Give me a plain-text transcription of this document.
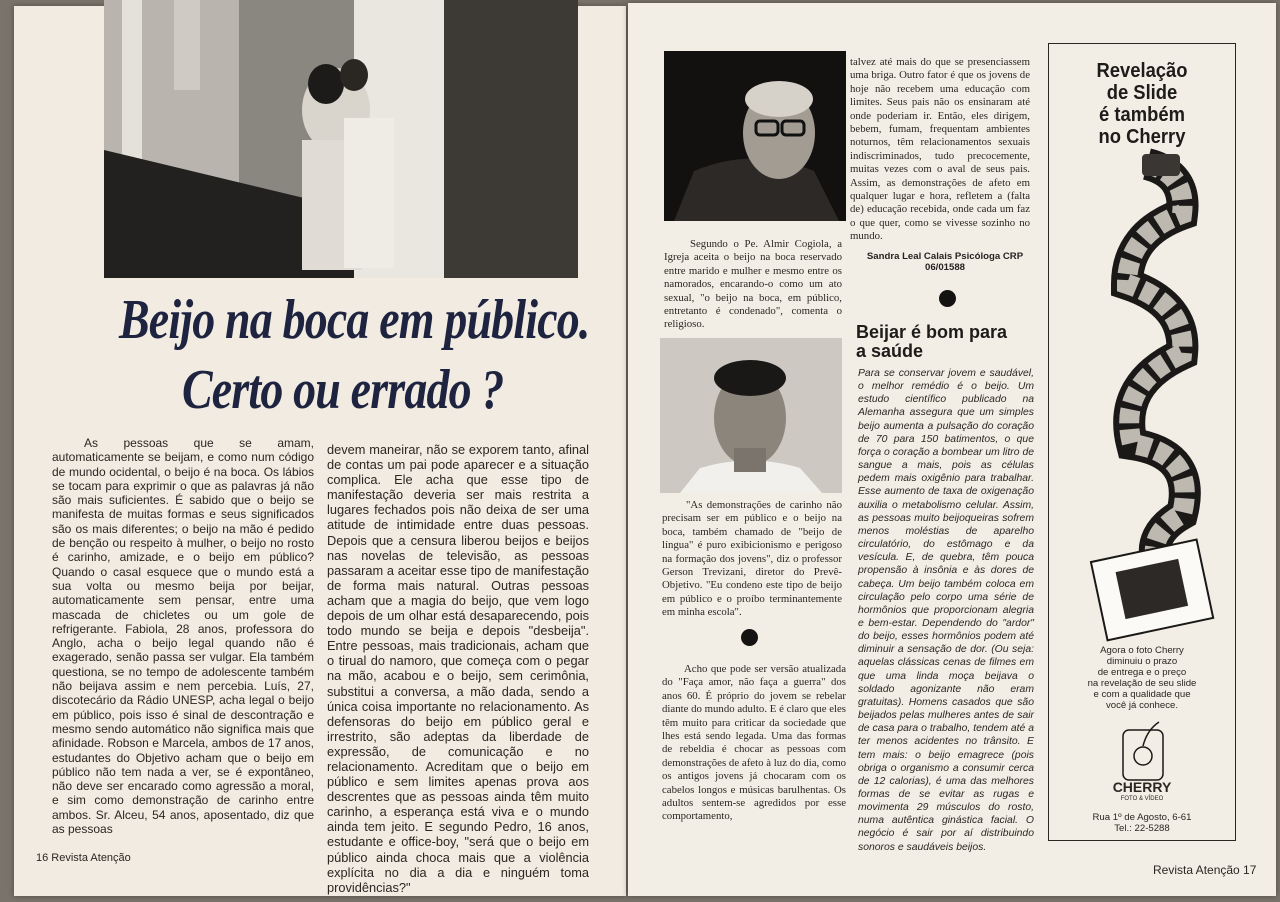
Beijo na boca em público.
Certo ou errado ?

As pessoas que se amam, automaticamente se beijam, e como num código de mundo ocidental, o beijo é na boca. Os lábios se tocam para exprimir o que as palavras já não são mais suficientes. É sabido que o beijo se manifesta de muitas formas e seus significados são os mais diferentes; o beijo na mão é pedido de benção ou respeito à mulher, o beijo no rosto é carinho, amizade, e o beijo em público? Quando o casal esquece que o mundo está a sua volta ou mesmo beija por beijar, automaticamente sem pensar, entre uma mascada de chicletes ou um gole de refrigerante. Fabiola, 28 anos, professora do Anglo, acha o beijo legal quando não é exagerado, senão passa ser vulgar. Ela também questiona, se no tempo de adolescente também não beijava assim e nem percebia. Luís, 27, discotecário da Rádio UNESP, acha legal o beijo em público, pois isso é sinal de descontração e mesmo sendo automático não significa mais que afinidade. Robson e Marcela, ambos de 17 anos, estudantes do Objetivo acham que o beijo em público não tem nada a ver, se é expontâneo, não deve ser encarado como agressão a moral, e sim como demonstração de carinho entre ambos. Sr. Alceu, 54 anos, aposentado, diz que as pessoas

devem maneirar, não se exporem tanto, afinal de contas um pai pode aparecer e a situação complica. Ele acha que esse tipo de manifestação deveria ser mais restrita a lugares fechados pois não deixa de ser uma atitude de intimidade entre duas pessoas. Depois que a censura liberou beijos e beijos nas novelas de televisão, as pessoas passaram a aceitar esse tipo de manifestação de forma mais natural. Outras pessoas acham que a magia do beijo, que vem logo depois de um olhar está desaparecendo, pois todo mundo se beija e depois "desbeija". Entre pessoas, mais tradicionais, acham que o tirual do namoro, que começa com o pegar na mão, acabou e o beijo, sem cerimônia, substitui a conversa, a mão dada, sendo a única coisa importante no relacionamento. As defensoras do beijo em público geral e irrestrito, são adeptas da liberdade de expressão, de comunicação e no relacionamento. Acreditam que o beijo em público e sem limites apenas prova aos descrentes que as pessoas ainda têm muito carinho, a esperança está viva e o mundo ainda tem jeito. E segundo Pedro, 16 anos, estudante e office-boy, "será que o beijo em público ainda choca mais que a violência explícita no dia a dia e ninguém toma providências?"

16 Revista Atenção

Segundo o Pe. Almir Cogiola, a Igreja aceita o beijo na boca reservado entre marido e mulher e mesmo entre os namorados, encarando-o como um ato sexual, "o beijo na boca, em público, entretanto é condenado", comenta o religioso.

"As demonstrações de carinho não precisam ser em público e o beijo na boca, também chamado de "beijo de língua" é puro exibicionismo e perigoso na formação dos jovens", diz o professor Gerson Trevizani, diretor do Prevê-Objetivo. "Eu condeno este tipo de beijo em público e o proíbo terminantemente em minha escola".

Acho que pode ser versão atualizada do "Faça amor, não faça a guerra" dos anos 60. É próprio do jovem se rebelar diante do mundo adulto. E é claro que eles têm muito para criticar da sociedade que lhes está sendo legada. Uma das formas de rebeldia é chocar as pessoas com demonstrações de afeto à luz do dia, como os antigos jovens já chocaram com os cabelos longos e músicas barulhentas. Os adultos sentem-se agredidos por esse comportamento,

talvez até mais do que se presenciassem uma briga. Outro fator é que os jovens de hoje não recebem uma educação com limites. Seus pais não os ensinaram até onde poderiam ir. Então, eles dirigem, bebem, fumam, frequentam ambientes noturnos, têm relacionamentos sexuais indiscriminados, tudo precocemente, muitas vezes com o aval de seus pais. Assim, as demonstrações de afeto em qualquer lugar e hora, refletem a (falta de) educação recebida, onde cada um faz o que quer, como se vivesse sozinho no mundo.

Sandra Leal Calais Psicóloga CRP 06/01588
Beijar é bom para
a saúde

Para se conservar jovem e saudável, o melhor remédio é o beijo. Um estudo científico publicado na Alemanha assegura que um simples beijo aumenta a pulsação do coração de 70 para 150 batimentos, o que força o coração a bombear um litro de sangue a mais, pois as células pedem mais oxigênio para trabalhar. Esse aumento de taxa de oxigenação auxilia o metabolismo celular. Assim, as pessoas muito beijoqueiras sofrem menos moléstias de aparelho circulatório, do estômago e da vesícula. E, de quebra, têm pouca propensão à insônia e às dores de cabeça. Um beijo também coloca em circulação pelo corpo uma série de hormônios que proporcionam alegria e bem-estar. Dependendo do "ardor" do beijo, esses hormônios podem até diminuir a sensação de dor. (Ou seja: aquelas clássicas cenas de filmes em que uma linda moça beijava o soldado agonizante não eram gratuitas). Homens casados que são beijados pelas mulheres antes de sair de casa para o trabalho, tendem até a ter menos acidentes no trânsito. E tem mais: o beijo emagrece (pois obriga o organismo a consumir cerca de 12 calorias), é uma das melhores formas de se evitar as rugas e movimenta 29 músculos do rosto, numa autêntica ginástica facial. O negócio é sair por aí distribuindo sonoros e saudáveis beijos.

Revelação
de Slide
é também
no Cherry
Agora o foto Cherry
diminuiu o prazo
de entrega e o preço
na revelação de seu slide
e com a qualidade que
você já conhece.
CHERRY
FOTO & VÍDEO
Rua 1º de Agosto, 6-61
Tel.: 22-5288
Revista Atenção 17
